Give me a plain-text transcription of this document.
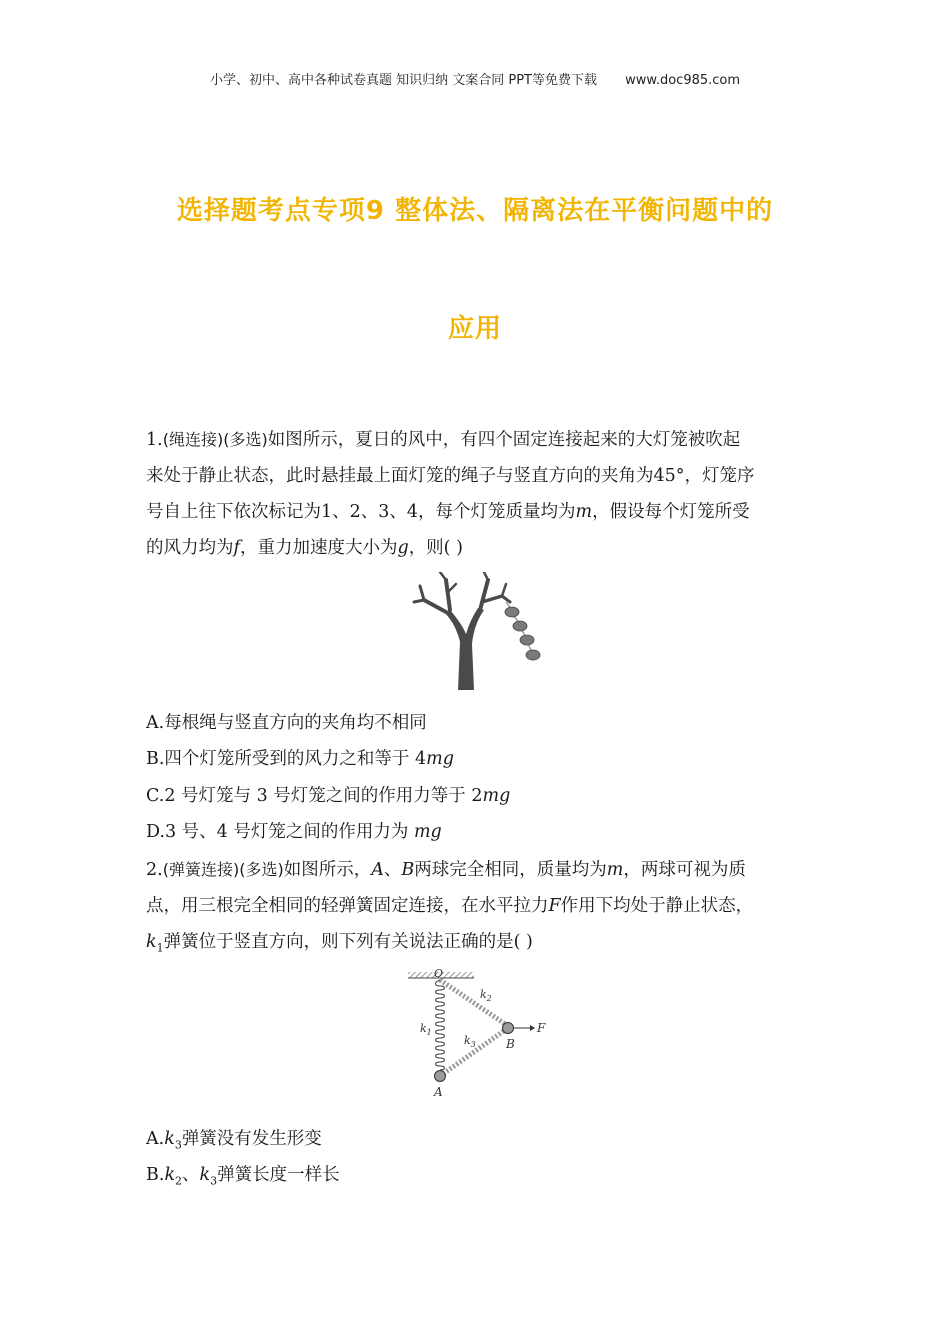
小学、初中、高中各种试卷真题 知识归纳 文案合同 PPT等免费下载 www.doc985.com
选择题考点专项9 整体法、隔离法在平衡问题中的
应用
1.(绳连接)(多选)如图所示，夏日的风中，有四个固定连接起来的大灯笼被吹起
来处于静止状态，此时悬挂最上面灯笼的绳子与竖直方向的夹角为45°，灯笼序
号自上往下依次标记为1、2、3、4，每个灯笼质量均为m，假设每个灯笼所受
的风力均为f，重力加速度大小为g，则( )
A.每根绳与竖直方向的夹角均不相同
B.四个灯笼所受到的风力之和等于 4mg
C.2 号灯笼与 3 号灯笼之间的作用力等于 2mg
D.3 号、4 号灯笼之间的作用力为 mg
2.(弹簧连接)(多选)如图所示，A、B两球完全相同，质量均为m，两球可视为质
点，用三根完全相同的轻弹簧固定连接，在水平拉力F作用下均处于静止状态，
$k_1$弹簧位于竖直方向，则下列有关说法正确的是( )
O
F
B
A
$k_1$
$k_2$
$k_3$
$A.k_3$弹簧没有发生形变
$B.k_2$、$k_3$弹簧长度一样长
